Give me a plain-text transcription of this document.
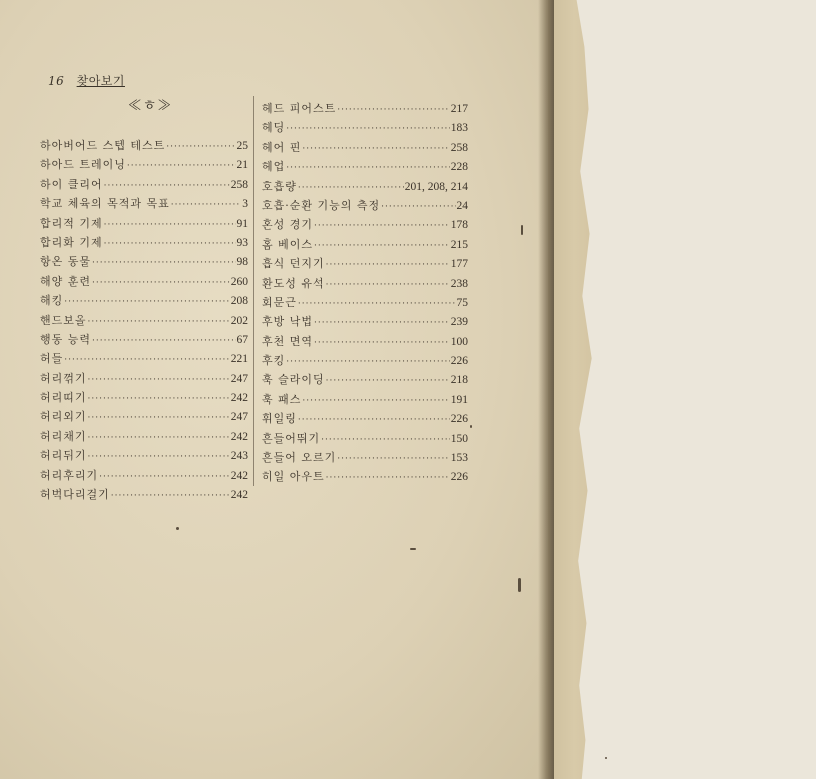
16 찾아보기
≪ㅎ≫
하아버어드 스텝 테스트 ·····	25
하아드 트레이닝 ·····	21
하이 클리어 ·····	258
학교 체육의 목적과 목표 ·····	3
합리적 기제 ·····	91
합리화 기제 ·····	93
항온 동물 ·····	98
해양 훈련 ·····	260
해킹 ·····	208
핸드보올 ·····	202
행동 능력 ·····	67
허들 ·····	221
허리꺾기 ·····	247
허리띠기 ·····	242
허리외기 ·····	247
허리채기 ·····	242
허리뒤기 ·····	243
허리후리기 ·····	242
허벅다리걸기 ·····	242
헤드 피어스트 ·····	217
헤딩 ·····	183
헤어 핀 ·····	258
헤업 ·····	228
호흡량 ·····	201, 208, 214
호흡·순환 기능의 측정 ·····	24
혼성 경기 ·····	178
홈 베이스 ·····	215
흡식 던지기 ·····	177
환도성 유석 ·····	238
회문근 ·····	75
후방 낙법 ·····	239
후천 면역 ·····	100
후킹 ·····	226
훅 슬라이딩 ·····	218
훅 패스 ·····	191
휘일링 ·····	226
흔들어뛰기 ·····	150
흔들어 오르기 ·····	153
히일 아우트 ·····	226
